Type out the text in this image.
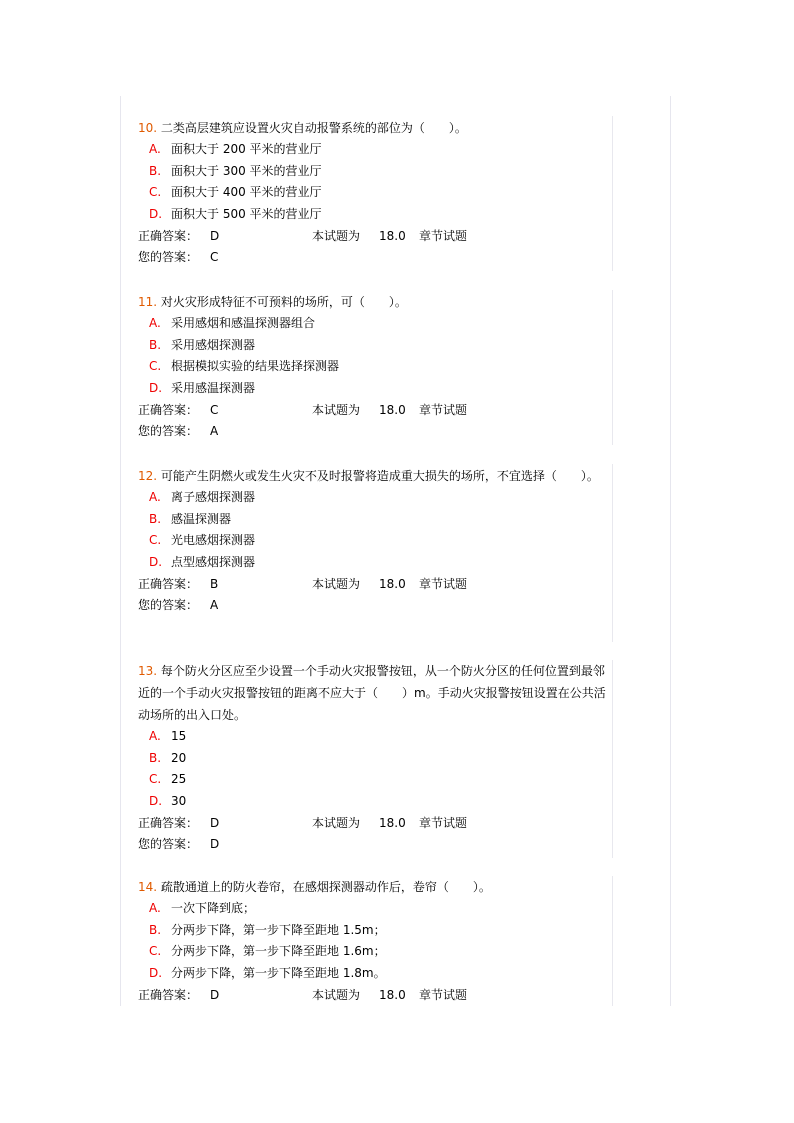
10. 二类高层建筑应设置火灾自动报警系统的部位为（　　）。

A. 面积大于 200 平米的营业厅
B. 面积大于 300 平米的营业厅
C. 面积大于 400 平米的营业厅
D. 面积大于 500 平米的营业厅
正确答案： D	本试题为 18.0 章节试题
您的答案： C

11. 对火灾形成特征不可预料的场所，可（　　）。

A. 采用感烟和感温探测器组合
B. 采用感烟探测器
C. 根据模拟实验的结果选择探测器
D. 采用感温探测器
正确答案： C	本试题为 18.0 章节试题
您的答案： A

12. 可能产生阴燃火或发生火灾不及时报警将造成重大损失的场所，不宜选择（　　）。

A. 离子感烟探测器
B. 感温探测器
C. 光电感烟探测器
D. 点型感烟探测器
正确答案： B	本试题为 18.0 章节试题
您的答案： A

13. 每个防火分区应至少设置一个手动火灾报警按钮，从一个防火分区的任何位置到最邻近的一个手动火灾报警按钮的距离不应大于（　　）m。手动火灾报警按钮设置在公共活动场所的出入口处。

A. 15
B. 20
C. 25
D. 30
正确答案： D	本试题为 18.0 章节试题
您的答案： D

14. 疏散通道上的防火卷帘，在感烟探测器动作后，卷帘（　　）。

A. 一次下降到底；
B. 分两步下降，第一步下降至距地 1.5m；
C. 分两步下降，第一步下降至距地 1.6m；
D. 分两步下降，第一步下降至距地 1.8m。
正确答案： D	本试题为 18.0 章节试题
